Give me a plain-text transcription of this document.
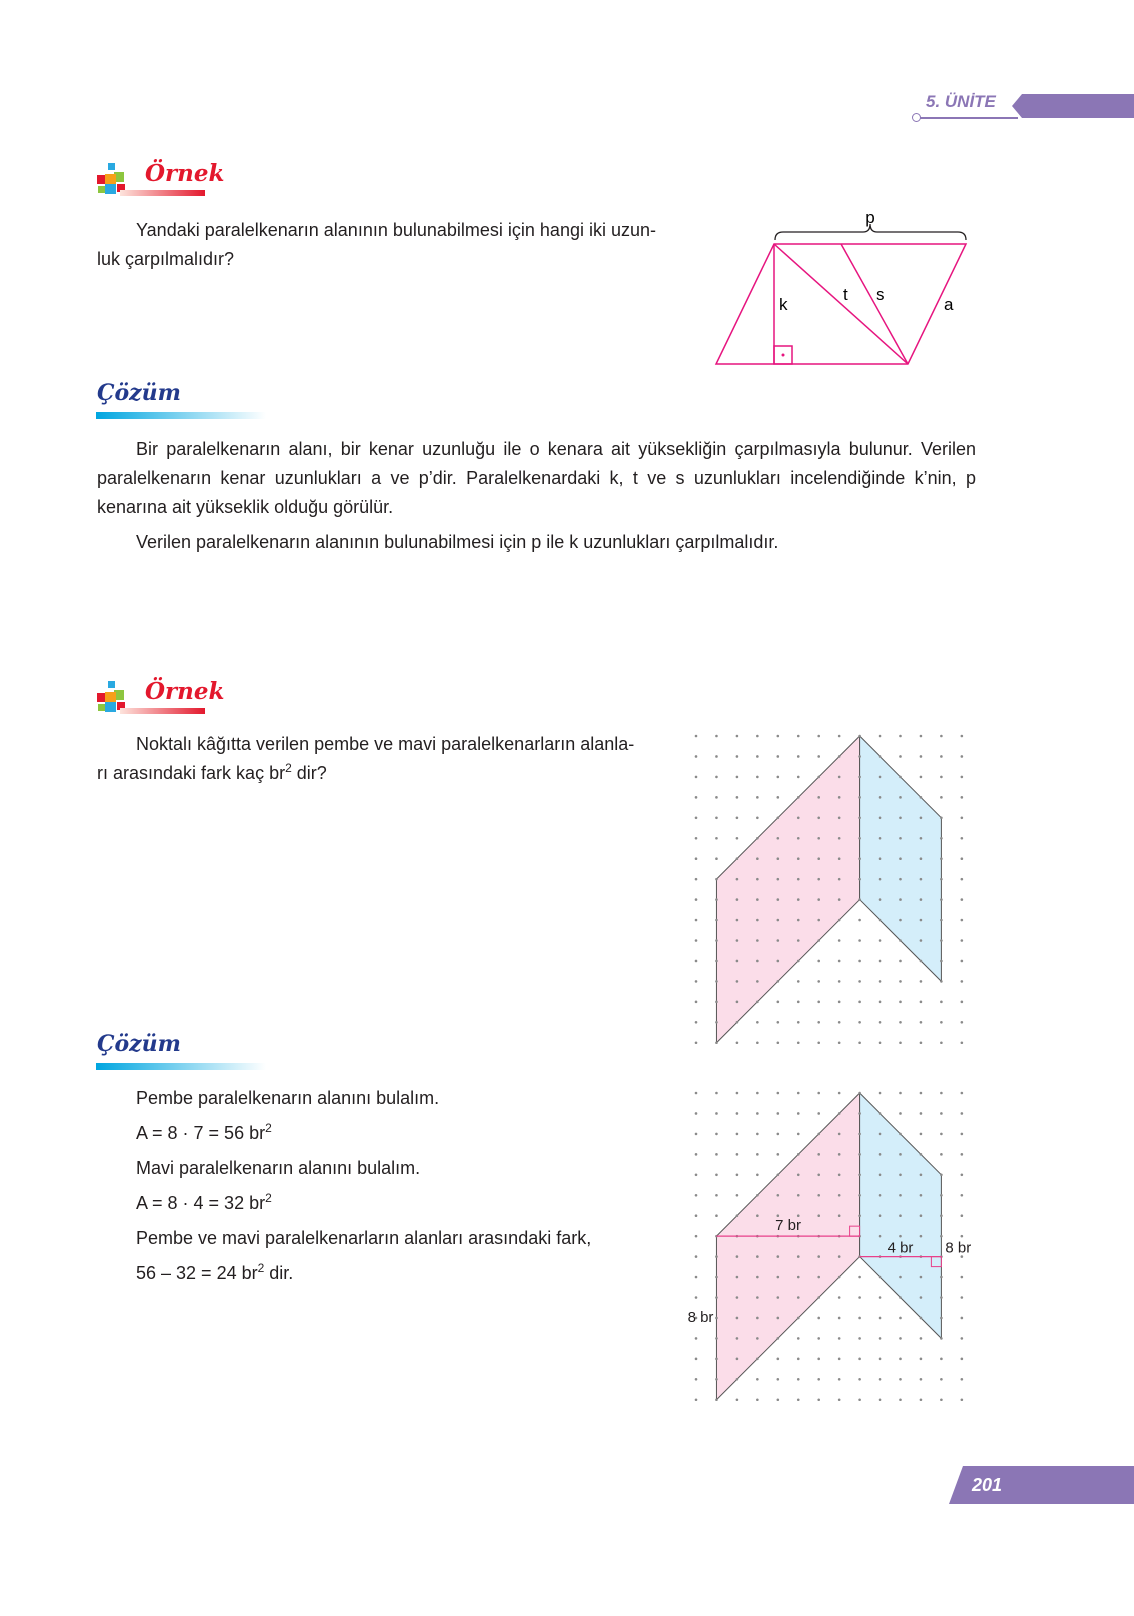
5. ÜNİTE
Örnek
Yandaki paralelkenarın alanının bulunabilmesi için hangi iki uzun-
luk çarpılmalıdır?
p
k
t s
a
Çözüm
Bir paralelkenarın alanı, bir kenar uzunluğu ile o kenara ait yüksekliğin çarpılmasıyla bulunur. Verilen paralelkenarın kenar uzunlukları a ve p’dir. Paralelkenardaki k, t ve s uzunlukları incelendiğinde k’nin, p kenarına ait yükseklik olduğu görülür.
Verilen paralelkenarın alanının bulunabilmesi için p ile k uzunlukları çarpılmalıdır.
Örnek
Noktalı kâğıtta verilen pembe ve mavi paralelkenarların alanla-
rı arasındaki fark kaç $br^2$ dir?
Çözüm
Pembe paralelkenarın alanını bulalım.
A = 8 · 7 = 56 $br^2$
Mavi paralelkenarın alanını bulalım.
A = 8 · 4 = 32 $br^2$
Pembe ve mavi paralelkenarların alanları arasındaki fark,
56 – 32 = 24 $br^2$ dir.
7 br
4 br
8 br
8 br
201
